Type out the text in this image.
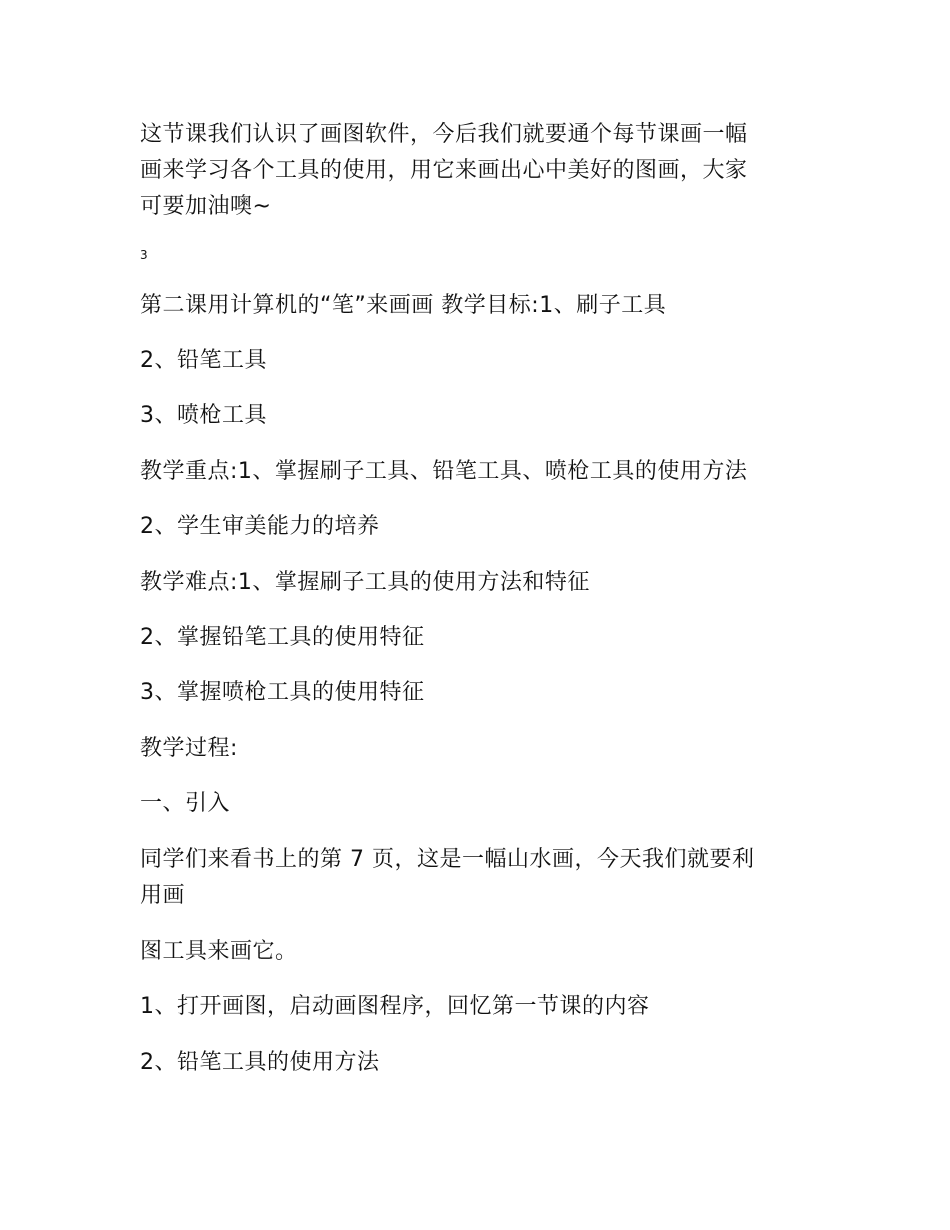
这节课我们认识了画图软件，今后我们就要通个每节课画一幅
画来学习各个工具的使用，用它来画出心中美好的图画，大家
可要加油噢~
3
第二课用计算机的“笔”来画画 教学目标:1、刷子工具
2、铅笔工具
3、喷枪工具
教学重点:1、掌握刷子工具、铅笔工具、喷枪工具的使用方法
2、学生审美能力的培养
教学难点:1、掌握刷子工具的使用方法和特征
2、掌握铅笔工具的使用特征
3、掌握喷枪工具的使用特征
教学过程:
一、引入
同学们来看书上的第 7 页，这是一幅山水画，今天我们就要利
用画
图工具来画它。
1、打开画图，启动画图程序，回忆第一节课的内容
2、铅笔工具的使用方法
